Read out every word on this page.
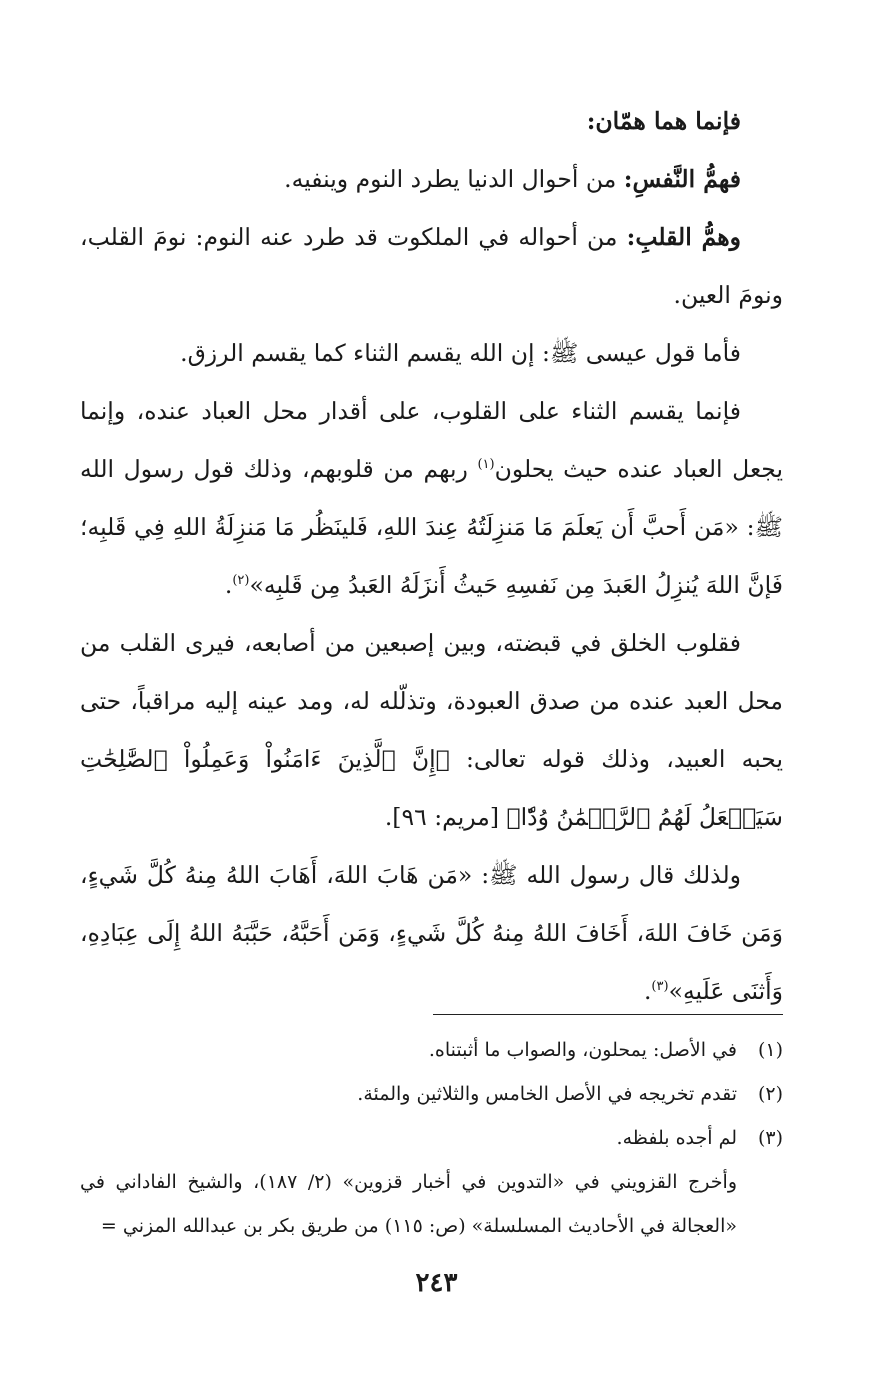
فإنما هما همّان:

فهمُّ النَّفسِ: من أحوال الدنيا يطرد النوم وينفيه.

وهمُّ القلبِ: من أحواله في الملكوت قد طرد عنه النوم: نومَ القلب، ونومَ العين.

فأما قول عيسى ﷺ: إن الله يقسم الثناء كما يقسم الرزق.

فإنما يقسم الثناء على القلوب، على أقدار محل العباد عنده، وإنما يجعل العباد عنده حيث يحلون$^{(١)}$ ربهم من قلوبهم، وذلك قول رسول الله ﷺ: «مَن أَحبَّ أَن يَعلَمَ مَا مَنزِلَتُهُ عِندَ اللهِ، فَلينَظُر مَا مَنزِلَةُ اللهِ فِي قَلبِه؛ فَإنَّ اللهَ يُنزِلُ العَبدَ مِن نَفسِهِ حَيثُ أَنزَلَهُ العَبدُ مِن قَلبِه»$^{(٢)}$.

فقلوب الخلق في قبضته، وبين إصبعين من أصابعه، فيرى القلب من محل العبد عنده من صدق العبودة، وتذلّله له، ومد عينه إليه مراقباً، حتى يحبه العبيد، وذلك قوله تعالى: ﴿إِنَّ ٱلَّذِينَ ءَامَنُواْ وَعَمِلُواْ ٱلصَّٰلِحَٰتِ سَيَجۡعَلُ لَهُمُ ٱلرَّحۡمَٰنُ وُدّٗا﴾ [مريم: ٩٦].

ولذلك قال رسول الله ﷺ: «مَن هَابَ اللهَ، أَهَابَ اللهُ مِنهُ كُلَّ شَيءٍ، وَمَن خَافَ اللهَ، أَخَافَ اللهُ مِنهُ كُلَّ شَيءٍ، وَمَن أَحَبَّهُ، حَبَّبَهُ اللهُ إِلَى عِبَادِهِ، وَأَثنَى عَلَيهِ»$^{(٣)}$.

(١)في الأصل: يمحلون، والصواب ما أثبتناه.

(٢)تقدم تخريجه في الأصل الخامس والثلاثين والمئة.

(٣)لم أجده بلفظه.

وأخرج القزويني في «التدوين في أخبار قزوين» (٢/ ١٨٧)، والشيخ الفاداني في «العجالة في الأحاديث المسلسلة» (ص: ١١٥) من طريق بكر بن عبدالله المزني =

٢٤٣
